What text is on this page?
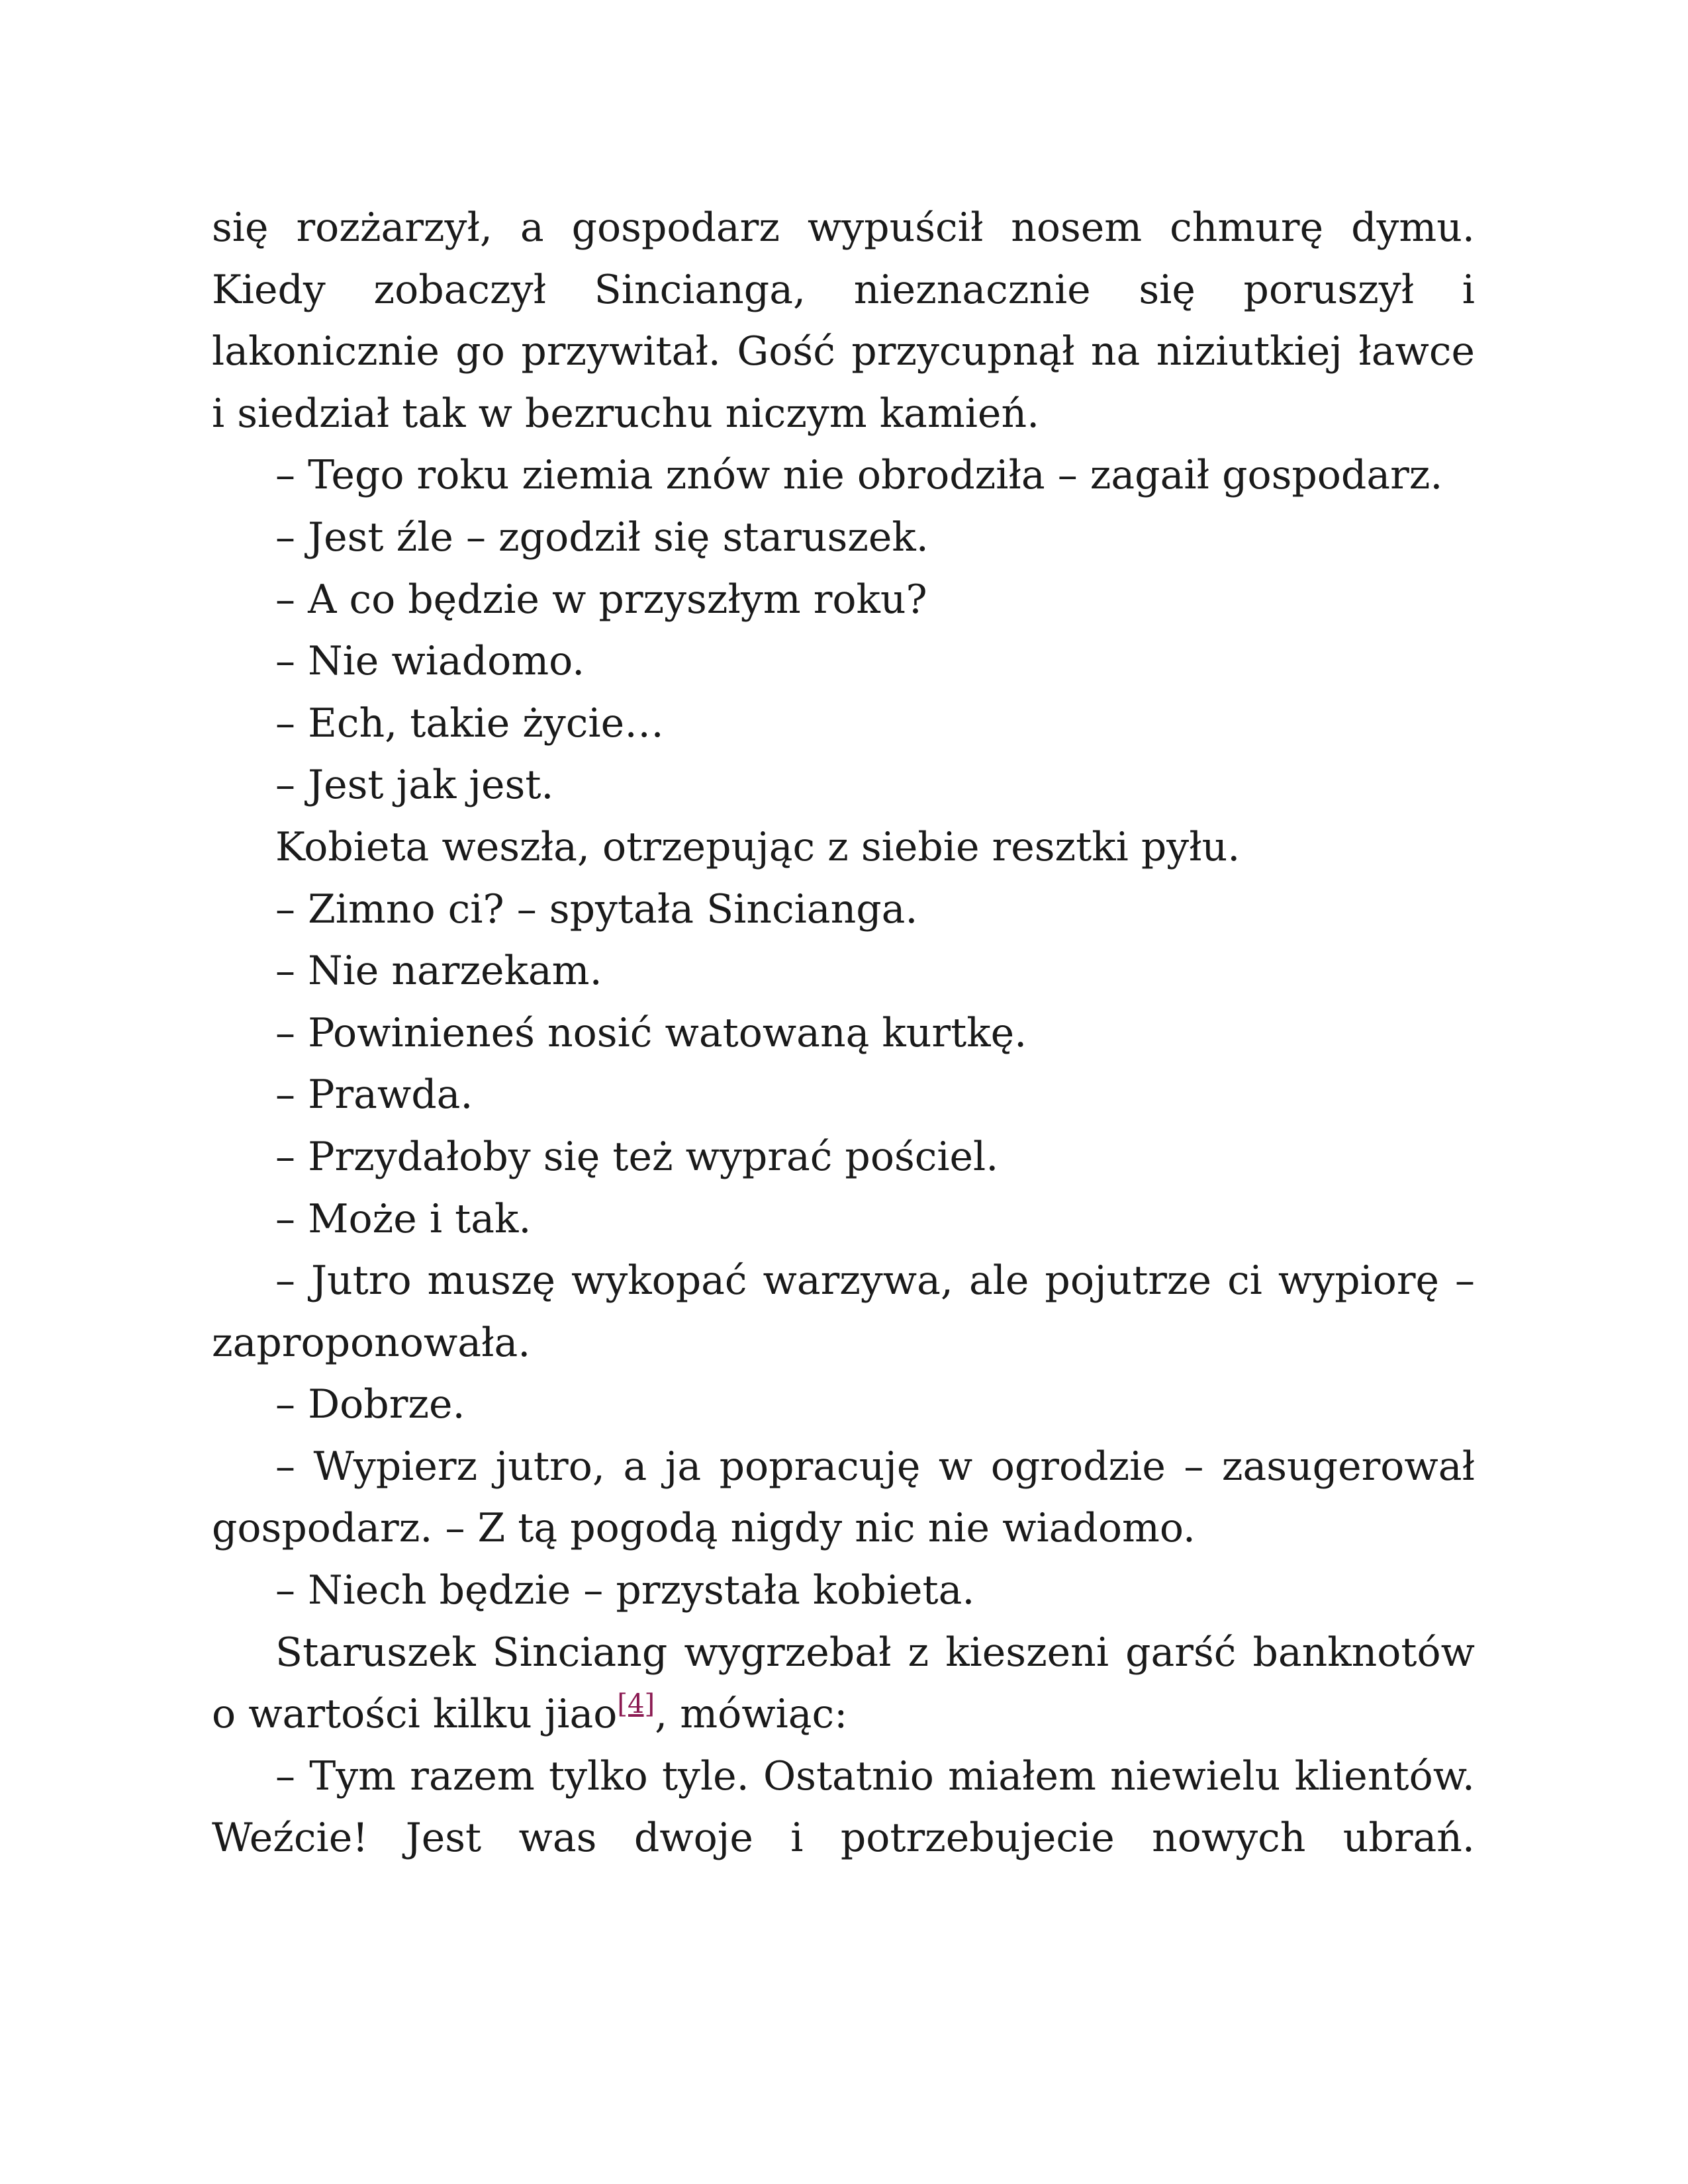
się rozżarzył, a gospodarz wypuścił nosem chmurę dymu. Kiedy zobaczył Sincianga, nieznacznie się poruszył i lakonicznie go przywitał. Gość przycupnął na niziutkiej ławce i siedział tak w bezruchu niczym kamień.

– Tego roku ziemia znów nie obrodziła – zagaił gospodarz.

– Jest źle – zgodził się staruszek.

– A co będzie w przyszłym roku?

– Nie wiadomo.

– Ech, takie życie…

– Jest jak jest.

Kobieta weszła, otrzepując z siebie resztki pyłu.

– Zimno ci? – spytała Sincianga.

– Nie narzekam.

– Powinieneś nosić watowaną kurtkę.

– Prawda.

– Przydałoby się też wyprać pościel.

– Może i tak.

– Jutro muszę wykopać warzywa, ale pojutrze ci wypiorę – zaproponowała.

– Dobrze.

– Wypierz jutro, a ja popracuję w ogrodzie – zasugerował gospodarz. – Z tą pogodą nigdy nic nie wiadomo.

– Niech będzie – przystała kobieta.

Staruszek Sinciang wygrzebał z kieszeni garść banknotów o wartości kilku jiao[4], mówiąc:

– Tym razem tylko tyle. Ostatnio miałem niewielu klientów. Weźcie! Jest was dwoje i potrzebujecie nowych ubrań.
